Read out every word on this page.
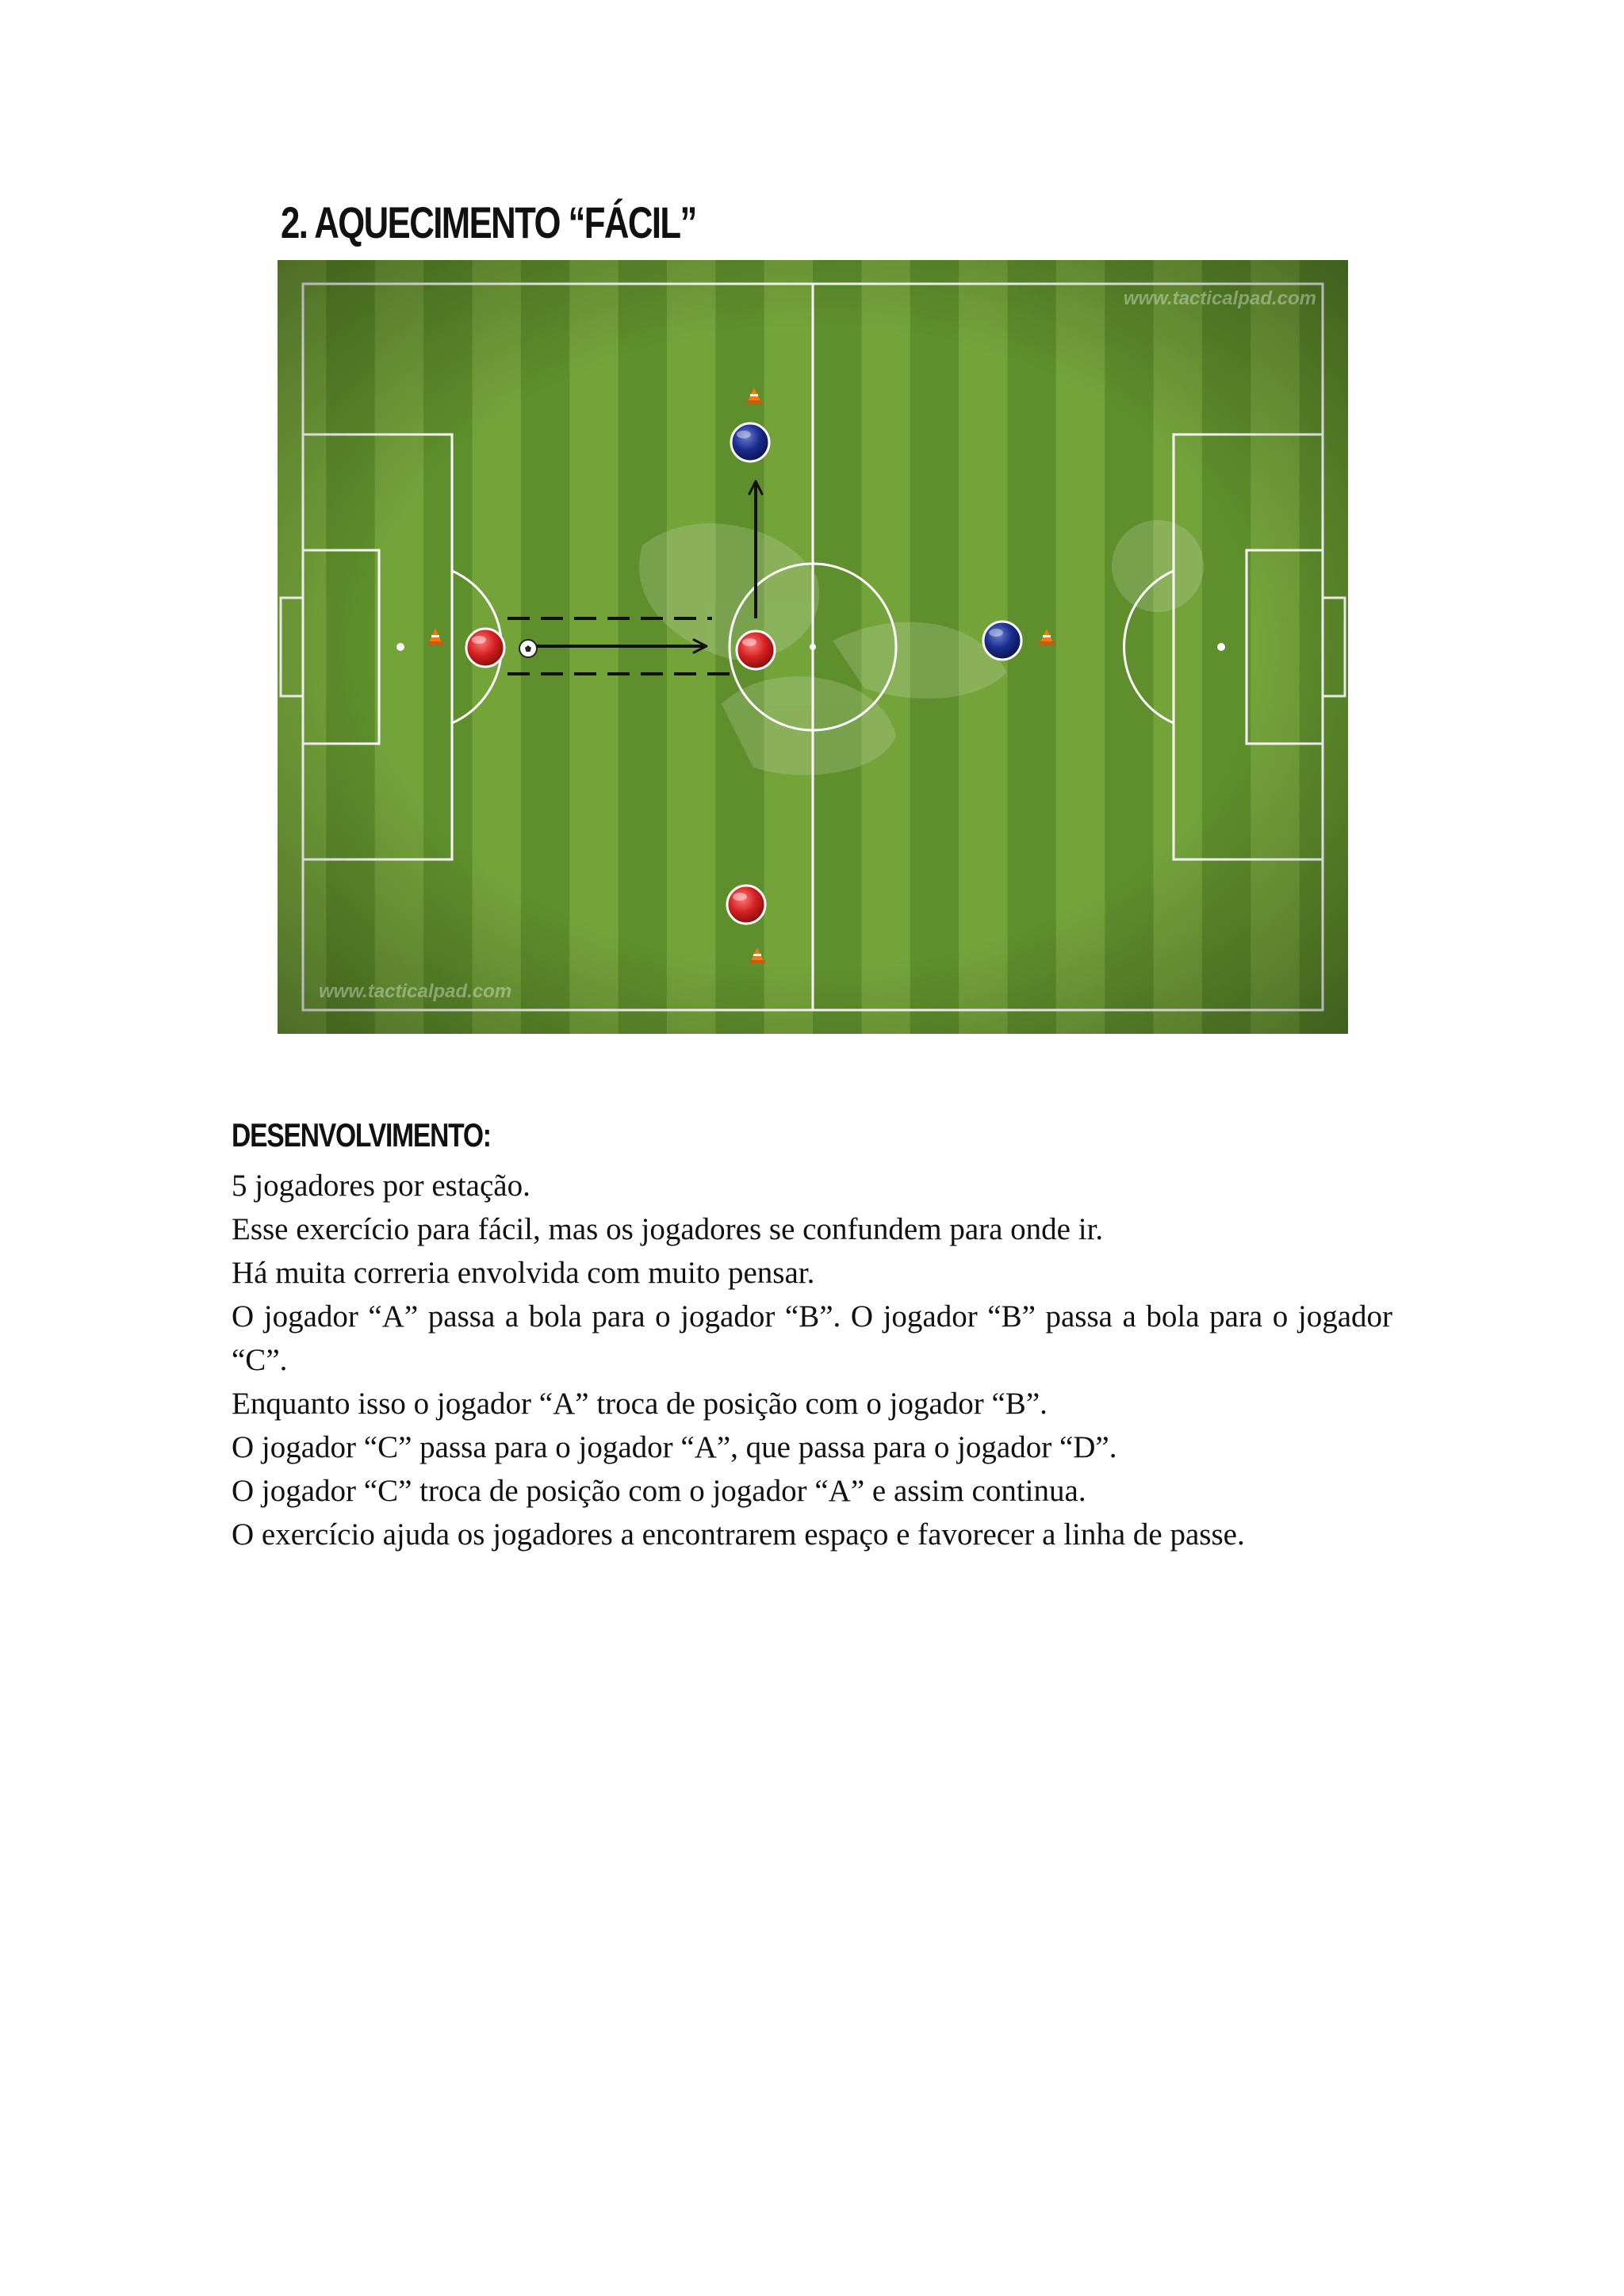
2. AQUECIMENTO “FÁCIL”
www.tacticalpad.com
www.tacticalpad.com
DESENVOLVIMENTO:

5 jogadores por estação.

Esse exercício para fácil, mas os jogadores se confundem para onde ir.

Há muita correria envolvida com muito pensar.

O jogador “A” passa a bola para o jogador “B”. O jogador “B” passa a bola para o jogador “C”.

Enquanto isso o jogador “A” troca de posição com o jogador “B”.

O jogador “C” passa para o jogador “A”, que passa para o jogador “D”.

O jogador “C” troca de posição com o jogador “A” e assim continua.

O exercício ajuda os jogadores a encontrarem espaço e favorecer a linha de passe.
